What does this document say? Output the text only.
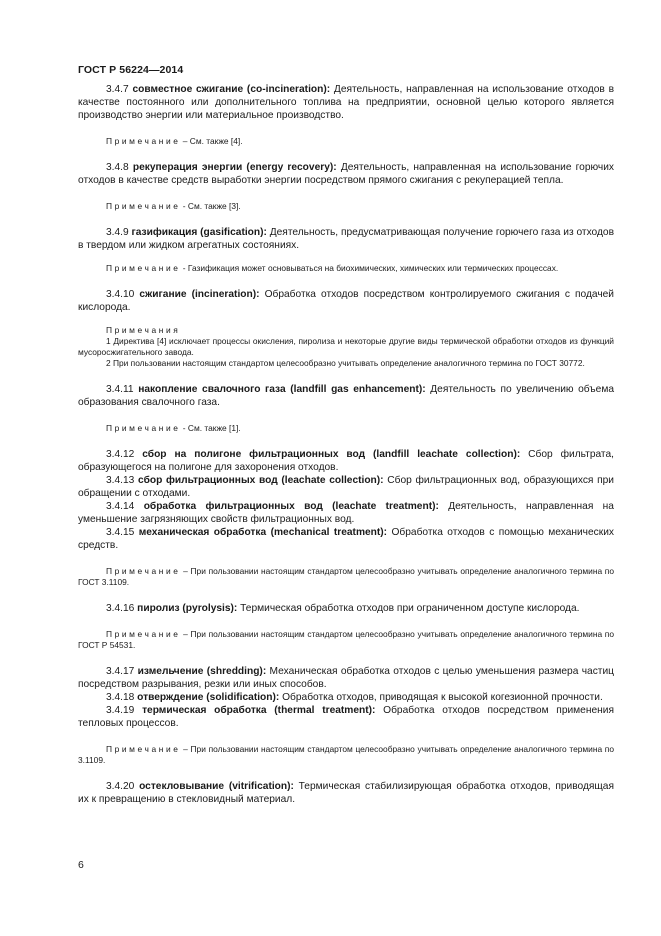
ГОСТ Р 56224—2014

3.4.7 совместное сжигание (co-incineration): Деятельность, направленная на использование отходов в качестве постоянного или дополнительного топлива на предприятии, основной целью которого является производство энергии или материальное производство.

Примечание – См. также [4].

3.4.8 рекуперация энергии (energy recovery): Деятельность, направленная на использование горючих отходов в качестве средств выработки энергии посредством прямого сжигания с рекуперацией тепла.

Примечание - См. также [3].

3.4.9 газификация (gasification): Деятельность, предусматривающая получение горючего газа из отходов в твердом или жидком агрегатных состояниях.

Примечание - Газификация может основываться на биохимических, химических или термических процессах.

3.4.10 сжигание (incineration): Обработка отходов посредством контролируемого сжигания с подачей кислорода.

Примечания

1 Директива [4] исключает процессы окисления, пиролиза и некоторые другие виды термической обработки отходов из функций мусоросжигательного завода.

2 При пользовании настоящим стандартом целесообразно учитывать определение аналогичного термина по ГОСТ 30772.

3.4.11 накопление свалочного газа (landfill gas enhancement): Деятельность по увеличению объема образования свалочного газа.

Примечание - См. также [1].

3.4.12 сбор на полигоне фильтрационных вод (landfill leachate collection): Сбор фильтрата, образующегося на полигоне для захоронения отходов.

3.4.13 сбор фильтрационных вод (leachate collection): Сбор фильтрационных вод, образующихся при обращении с отходами.

3.4.14 обработка фильтрационных вод (leachate treatment): Деятельность, направленная на уменьшение загрязняющих свойств фильтрационных вод.

3.4.15 механическая обработка (mechanical treatment): Обработка отходов с помощью механических средств.

Примечание – При пользовании настоящим стандартом целесообразно учитывать определение аналогичного термина по ГОСТ 3.1109.

3.4.16 пиролиз (pyrolysis): Термическая обработка отходов при ограниченном доступе кислорода.

Примечание – При пользовании настоящим стандартом целесообразно учитывать определение аналогичного термина по ГОСТ Р 54531.

3.4.17 измельчение (shredding): Механическая обработка отходов с целью уменьшения размера частиц посредством разрывания, резки или иных способов.

3.4.18 отверждение (solidification): Обработка отходов, приводящая к высокой когезионной прочности.

3.4.19 термическая обработка (thermal treatment): Обработка отходов посредством применения тепловых процессов.

Примечание – При пользовании настоящим стандартом целесообразно учитывать определение аналогичного термина по 3.1109.

3.4.20 остекловывание (vitrification): Термическая стабилизирующая обработка отходов, приводящая их к превращению в стекловидный материал.

6
